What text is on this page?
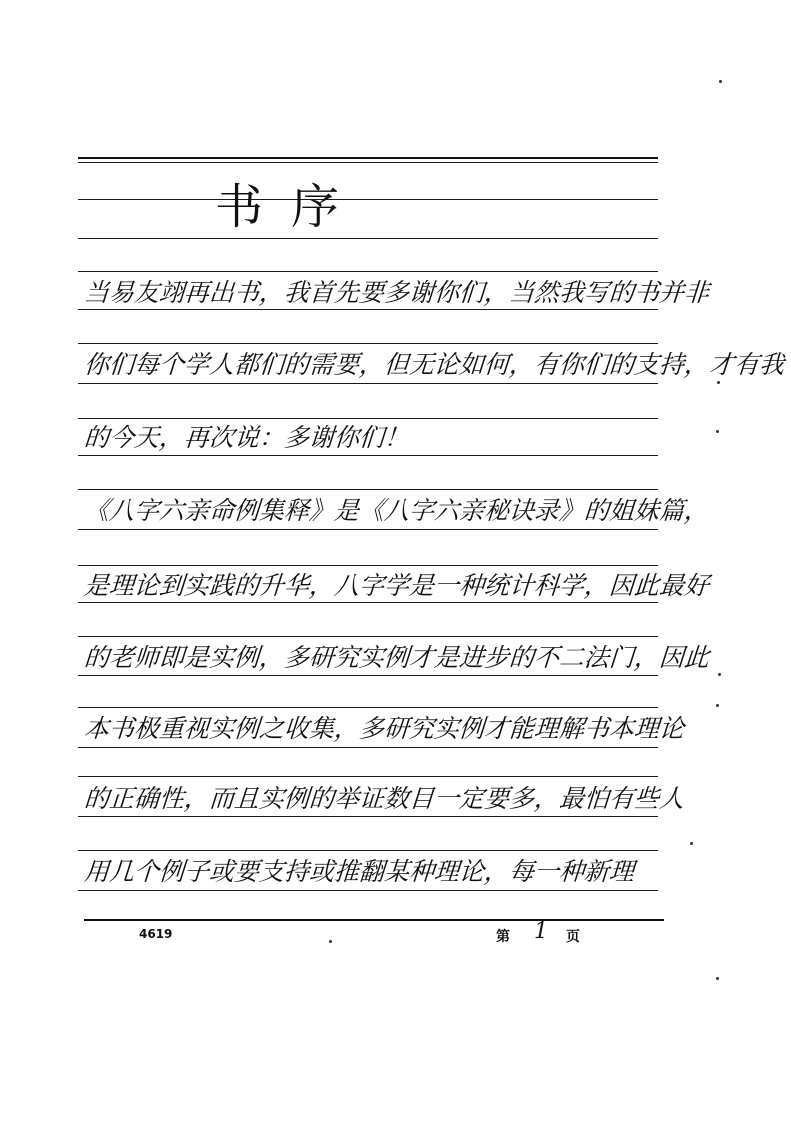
书序
当易友翊再出书，我首先要多谢你们，当然我写的书并非
你们每个学人都们的需要，但无论如何，有你们的支持，才有我
的今天，再次说：多谢你们！
《八字六亲命例集释》是《八字六亲秘诀录》的姐妹篇，
是理论到实践的升华，八字学是一种统计科学，因此最好
的老师即是实例，多研究实例才是进步的不二法门，因此
本书极重视实例之收集，多研究实例才能理解书本理论
的正确性，而且实例的举证数目一定要多，最怕有些人
用几个例子或要支持或推翻某种理论，每一种新理
4619	第 1 页
